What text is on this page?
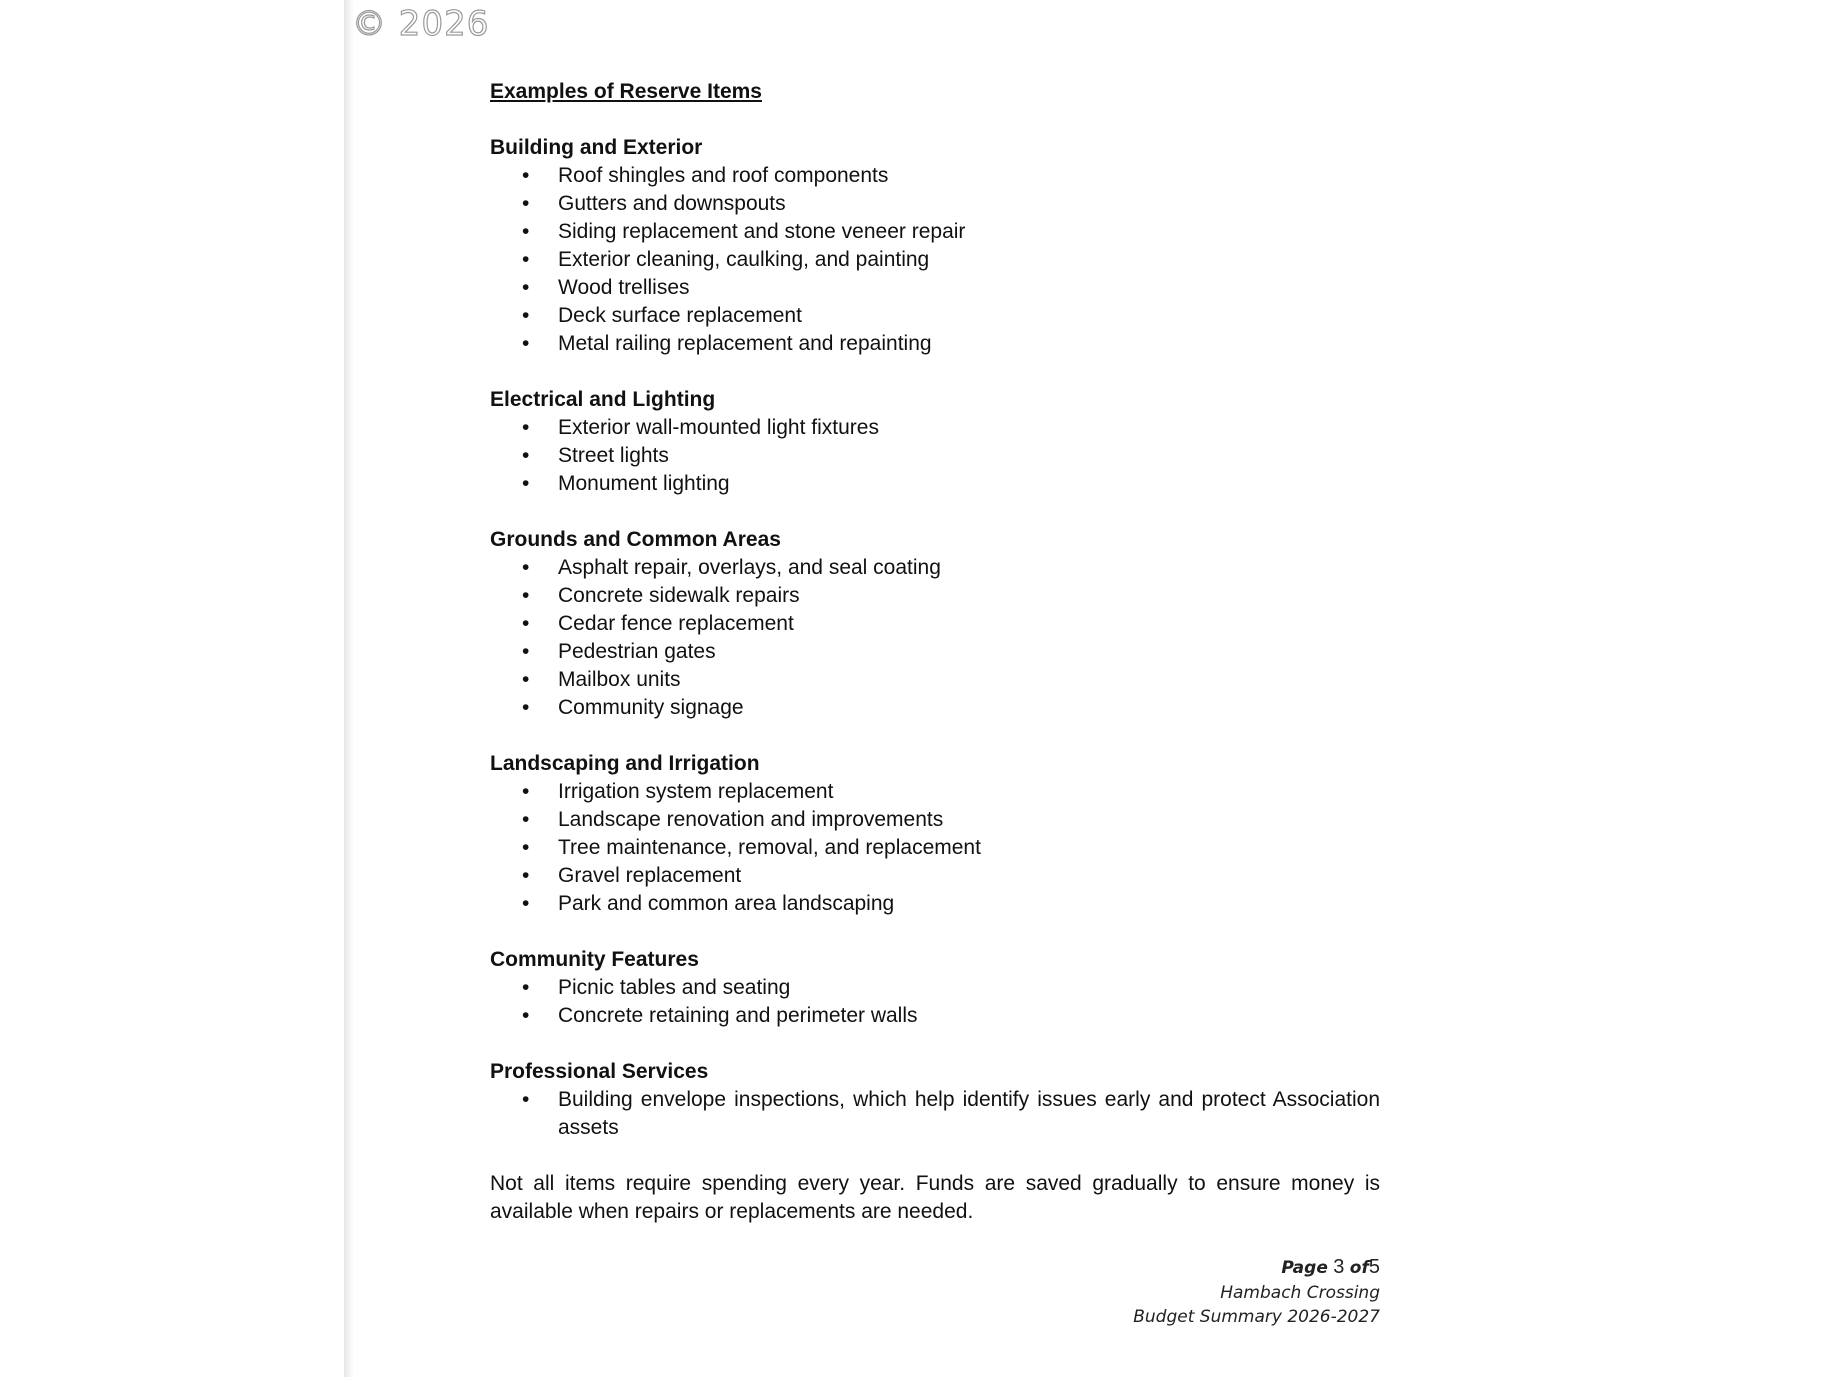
© 2026
Examples of Reserve Items
Building and Exterior
•	Roof shingles and roof components
•	Gutters and downspouts
•	Siding replacement and stone veneer repair
•	Exterior cleaning, caulking, and painting
•	Wood trellises
•	Deck surface replacement
•	Metal railing replacement and repainting
Electrical and Lighting
•	Exterior wall-mounted light fixtures
•	Street lights
•	Monument lighting
Grounds and Common Areas
•	Asphalt repair, overlays, and seal coating
•	Concrete sidewalk repairs
•	Cedar fence replacement
•	Pedestrian gates
•	Mailbox units
•	Community signage
Landscaping and Irrigation
•	Irrigation system replacement
•	Landscape renovation and improvements
•	Tree maintenance, removal, and replacement
•	Gravel replacement
•	Park and common area landscaping
Community Features
•	Picnic tables and seating
•	Concrete retaining and perimeter walls
Professional Services
•	Building envelope inspections, which help identify issues early and protect Association assets
Not all items require spending every year. Funds are saved gradually to ensure money is available when repairs or replacements are needed.
Page 3 of5
Hambach Crossing
Budget Summary 2026-2027
